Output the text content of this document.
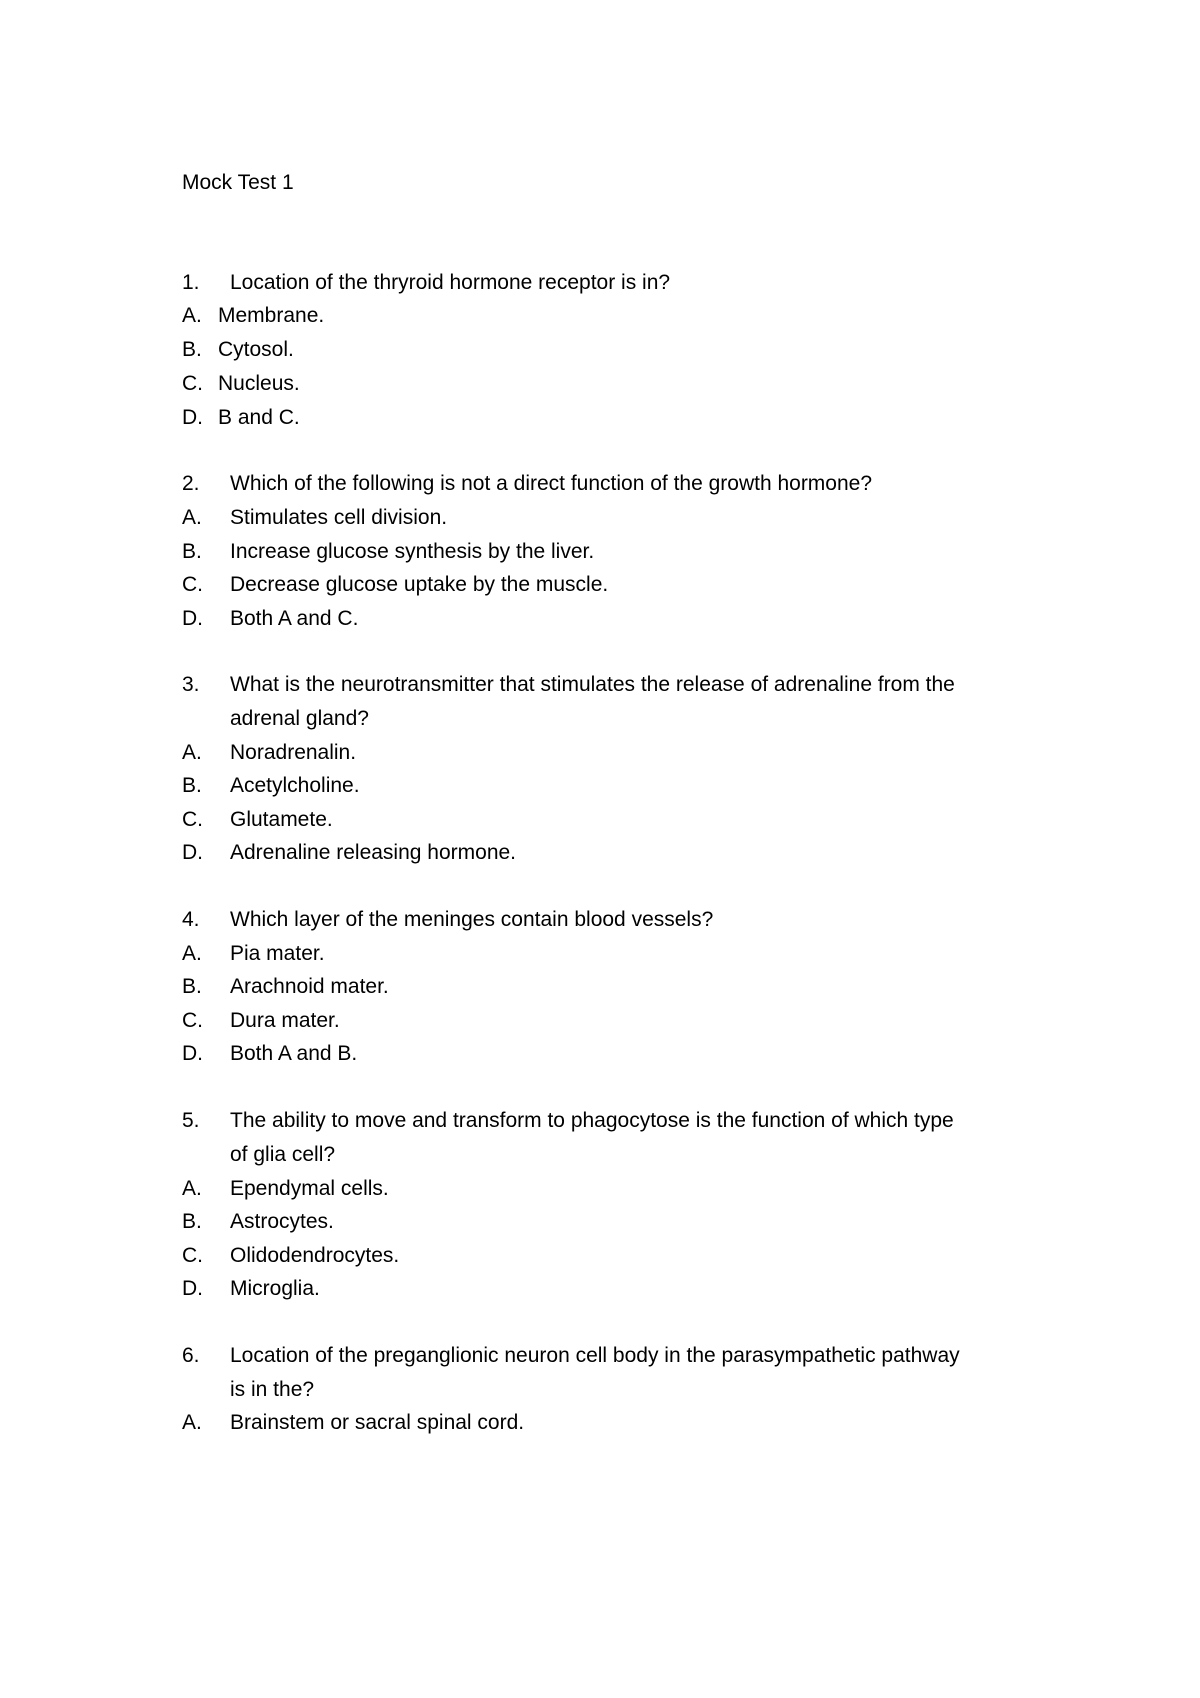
Mock Test 1
1. Location of the thryroid hormone receptor is in?
A. Membrane.
B. Cytosol.
C. Nucleus.
D. B and C.
2. Which of the following is not a direct function of the growth hormone?
A. Stimulates cell division.
B. Increase glucose synthesis by the liver.
C. Decrease glucose uptake by the muscle.
D. Both A and C.
3. What is the neurotransmitter that stimulates the release of adrenaline from the
adrenal gland?
A. Noradrenalin.
B. Acetylcholine.
C. Glutamete.
D. Adrenaline releasing hormone.
4. Which layer of the meninges contain blood vessels?
A. Pia mater.
B. Arachnoid mater.
C. Dura mater.
D. Both A and B.
5. The ability to move and transform to phagocytose is the function of which type
of glia cell?
A. Ependymal cells.
B. Astrocytes.
C. Olidodendrocytes.
D. Microglia.
6. Location of the preganglionic neuron cell body in the parasympathetic pathway
is in the?
A. Brainstem or sacral spinal cord.
